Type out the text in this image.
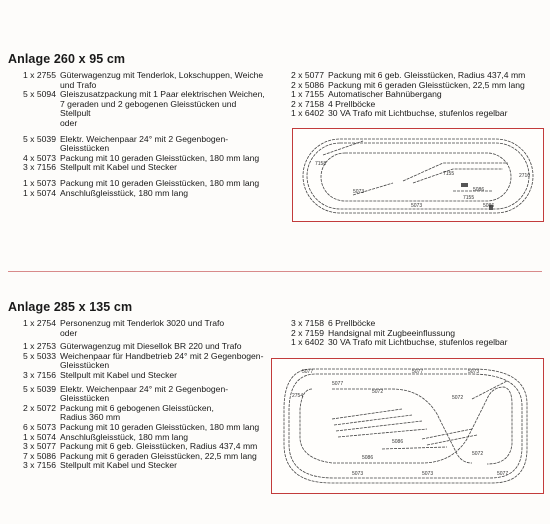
Anlage 260 x 95 cm
1 x 2755 Güterwagenzug mit Tenderlok, Lokschuppen, Weiche
und Trafo
5 x 5094 Gleiszusatzpackung mit 1 Paar elektrischen Weichen,
7 geraden und 2 gebogenen Gleisstücken und
Stellpult
oder
5 x 5039 Elektr. Weichenpaar 24° mit 2 Gegenbogen-
Gleisstücken
4 x 5073 Packung mit 10 geraden Gleisstücken, 180 mm lang
3 x 7156 Stellpult mit Kabel und Stecker
1 x 5073 Packung mit 10 geraden Gleisstücken, 180 mm lang
1 x 5074 Anschlußgleisstück, 180 mm lang
2 x 5077 Packung mit 6 geb. Gleisstücken, Radius 437,4 mm
2 x 5086 Packung mit 6 geraden Gleisstücken, 22,5 mm lang
1 x 7155 Automatischer Bahnübergang
2 x 7158 4 Prellböcke
1 x 6402 30 VA Trafo mit Lichtbuchse, stufenlos regelbar
7158
7155	2710
5086
5073
7155
5073	5086
Anlage 285 x 135 cm
1 x 2754 Personenzug mit Tenderlok 3020 und Trafo
oder
1 x 2753 Güterwagenzug mit Diesellok BR 220 und Trafo
5 x 5033 Weichenpaar für Handbetrieb 24° mit 2 Gegenbogen-
Gleisstücken
3 x 7156 Stellpult mit Kabel und Stecker
5 x 5039 Elektr. Weichenpaar 24° mit 2 Gegenbogen-
Gleisstücken
2 x 5072 Packung mit 6 gebogenen Gleisstücken,
Radius 360 mm
6 x 5073 Packung mit 10 geraden Gleisstücken, 180 mm lang
1 x 5074 Anschlußgleisstück, 180 mm lang
3 x 5077 Packung mit 6 geb. Gleisstücken, Radius 437,4 mm
7 x 5086 Packung mit 6 geraden Gleisstücken, 22,5 mm lang
3 x 7156 Stellpult mit Kabel und Stecker
3 x 7158 6 Prellböcke
2 x 7159 Handsignal mit Zugbeeinflussung
1 x 6402 30 VA Trafo mit Lichtbuchse, stufenlos regelbar
5077	5077	5073
5077
2754
5072
5072
5086
5086
5072
5073	5073	5077
